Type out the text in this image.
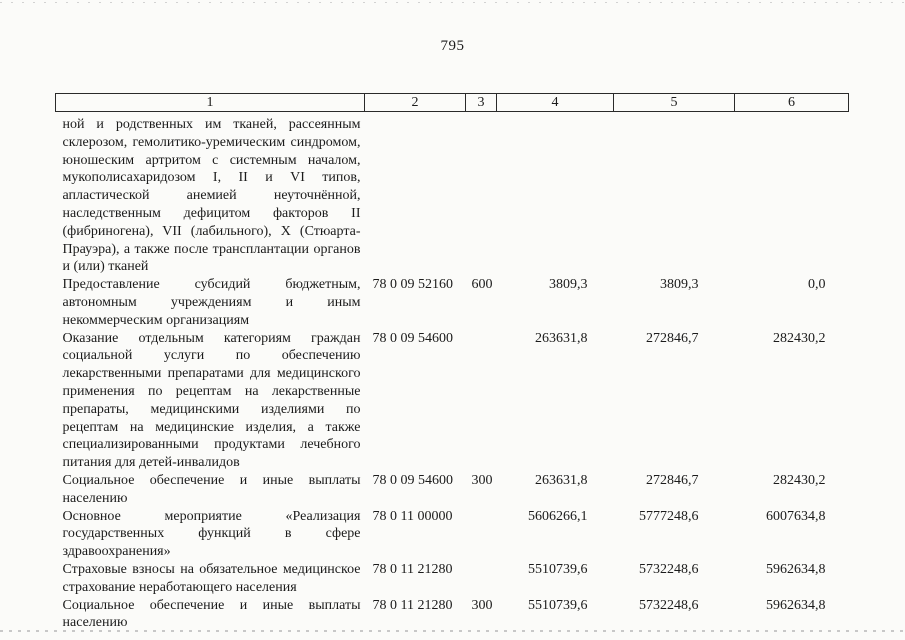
795
1	2	3	4	5	6
ной и родственных им тканей, рассеянным склерозом, гемолитико-уремическим синдромом, юношеским артритом с системным началом, мукополисахаридозом I, II и VI типов, апластической анемией неуточнённой, наследственным дефицитом факторов II (фибриногена), VII (лабильного), X (Стюарта-Прауэра), а также после трансплантации органов и (или) тканей					
Предоставление субсидий бюджетным, автономным учреждениям и иным некоммерческим организациям	78 0 09 52160	600	3809,3	3809,3	0,0
Оказание отдельным категориям граждан социальной услуги по обеспечению лекарственными препаратами для медицинского применения по рецептам на лекарственные препараты, медицинскими изделиями по рецептам на медицинские изделия, а также специализированными продуктами лечебного питания для детей-инвалидов	78 0 09 54600		263631,8	272846,7	282430,2
Социальное обеспечение и иные выплаты населению	78 0 09 54600	300	263631,8	272846,7	282430,2
Основное мероприятие «Реализация государственных функций в сфере здравоохранения»	78 0 11 00000		5606266,1	5777248,6	6007634,8
Страховые взносы на обязательное медицинское страхование неработающего населения	78 0 11 21280		5510739,6	5732248,6	5962634,8
Социальное обеспечение и иные выплаты населению	78 0 11 21280	300	5510739,6	5732248,6	5962634,8
